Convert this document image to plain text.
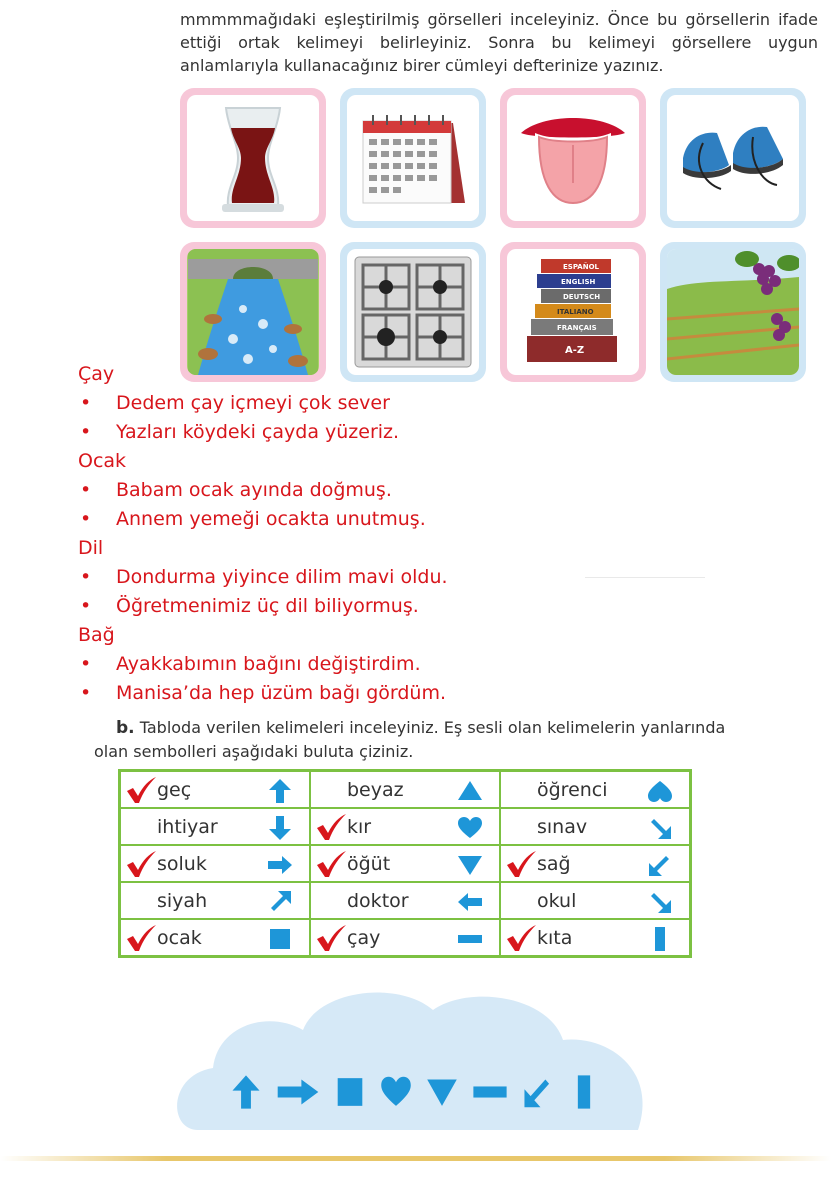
mmmmmağıdaki eşleştirilmiş görselleri inceleyiniz. Önce bu görsellerin ifade ettiği ortak kelimeyi belirleyiniz. Sonra bu kelimeyi görsellere uygun anlamlarıyla kullanacağınız birer cümleyi defterinize yazınız.
ESPAÑOL
ENGLISH
DEUTSCH
ITALIANO
FRANÇAIS
A-Z
Çay
• Dedem çay içmeyi çok sever
• Yazları köydeki çayda yüzeriz.
Ocak
• Babam ocak ayında doğmuş.
• Annem yemeği ocakta unutmuş.
Dil
• Dondurma yiyince dilim mavi oldu.
• Öğretmenimiz üç dil biliyormuş.
Bağ
• Ayakkabımın bağını değiştirdim.
• Manisa’da hep üzüm bağı gördüm.
b. Tabloda verilen kelimeleri inceleyiniz. Eş sesli olan kelimelerin yanlarında olan sembolleri aşağıdaki buluta çiziniz.
geç	beyaz	öğrenci

ihtiyar	kır	sınav

soluk	öğüt	sağ

siyah	doktor	okul

ocak	çay	kıta
